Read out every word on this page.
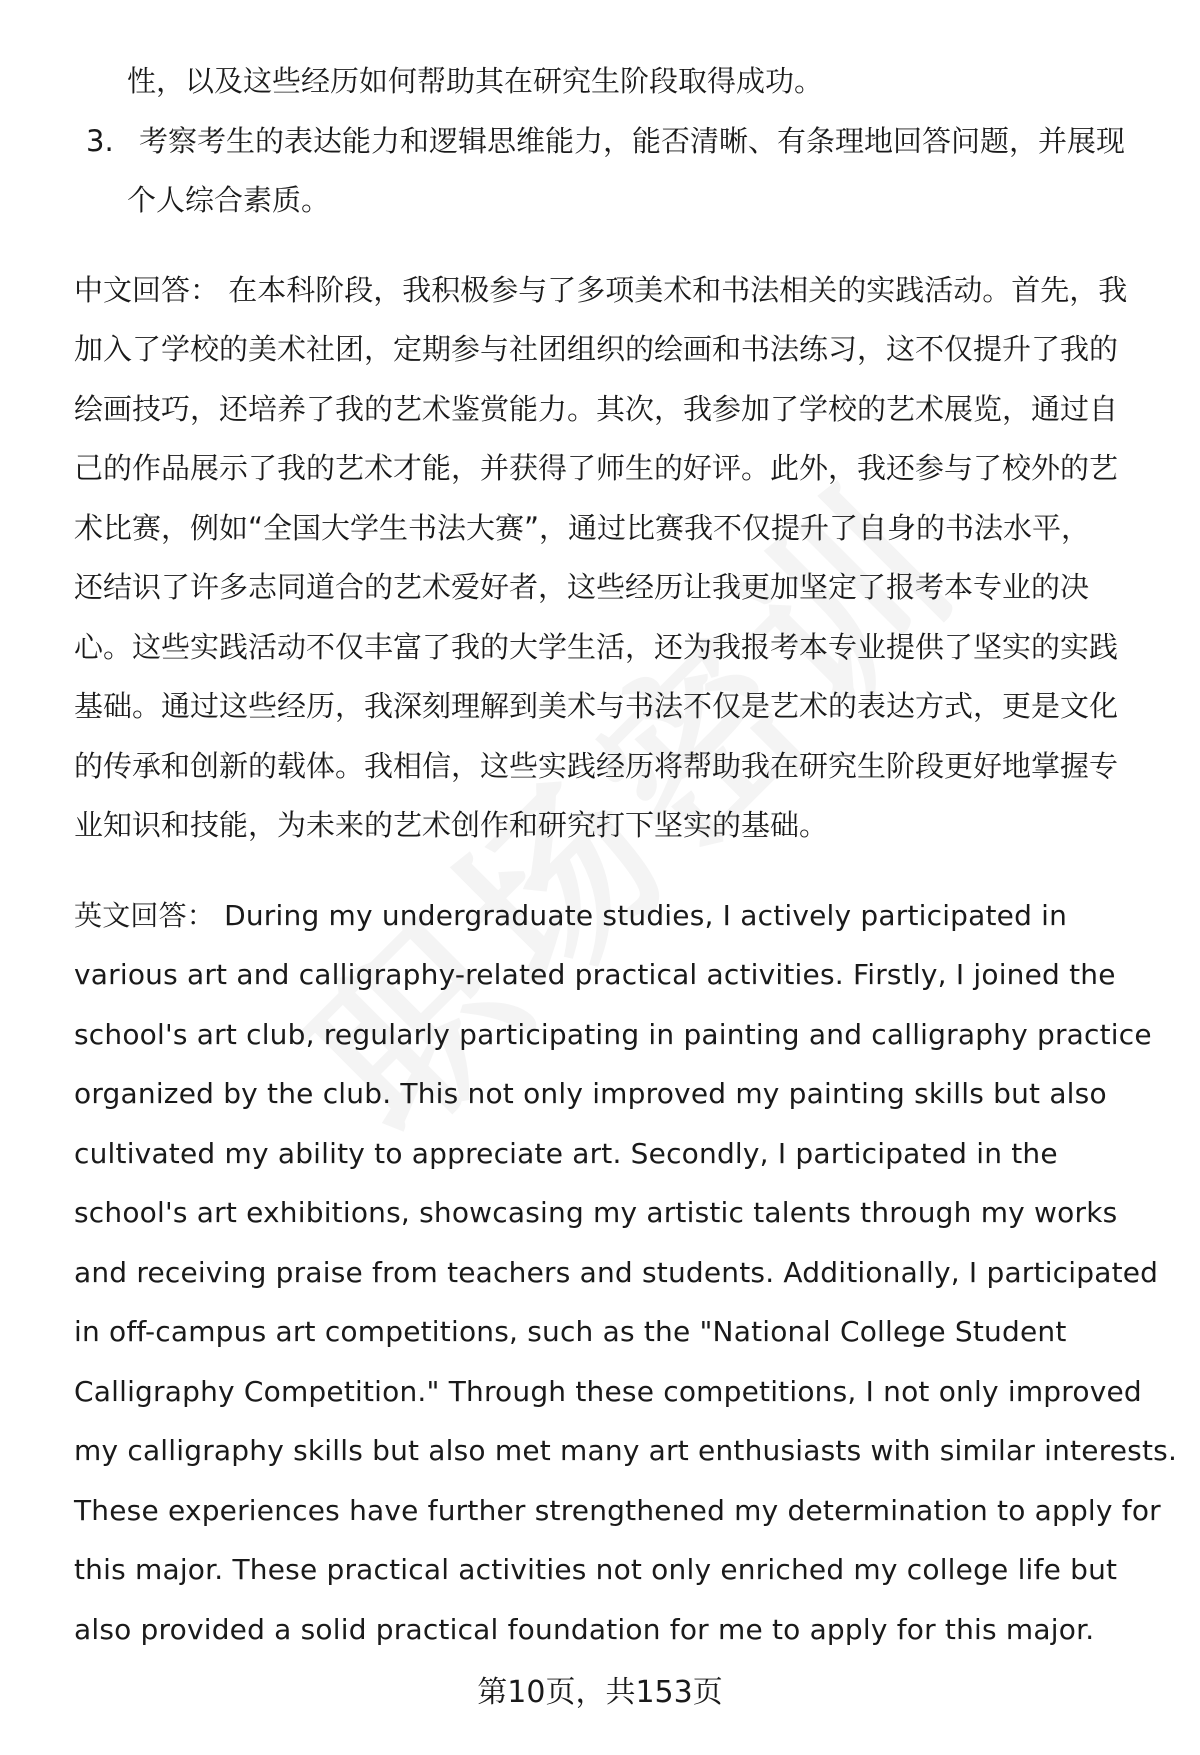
性，以及这些经历如何帮助其在研究生阶段取得成功。
3. 考察考生的表达能力和逻辑思维能力，能否清晰、有条理地回答问题，并展现
个人综合素质。
中文回答： 在本科阶段，我积极参与了多项美术和书法相关的实践活动。首先，我
加入了学校的美术社团，定期参与社团组织的绘画和书法练习，这不仅提升了我的
绘画技巧，还培养了我的艺术鉴赏能力。其次，我参加了学校的艺术展览，通过自
己的作品展示了我的艺术才能，并获得了师生的好评。此外，我还参与了校外的艺
术比赛，例如“全国大学生书法大赛”，通过比赛我不仅提升了自身的书法水平，
还结识了许多志同道合的艺术爱好者，这些经历让我更加坚定了报考本专业的决
心。这些实践活动不仅丰富了我的大学生活，还为我报考本专业提供了坚实的实践
基础。通过这些经历，我深刻理解到美术与书法不仅是艺术的表达方式，更是文化
的传承和创新的载体。我相信，这些实践经历将帮助我在研究生阶段更好地掌握专
业知识和技能，为未来的艺术创作和研究打下坚实的基础。
英文回答： During my undergraduate studies, I actively participated in
various art and calligraphy-related practical activities. Firstly, I joined the
school's art club, regularly participating in painting and calligraphy practice
organized by the club. This not only improved my painting skills but also
cultivated my ability to appreciate art. Secondly, I participated in the
school's art exhibitions, showcasing my artistic talents through my works
and receiving praise from teachers and students. Additionally, I participated
in off-campus art competitions, such as the "National College Student
Calligraphy Competition." Through these competitions, I not only improved
my calligraphy skills but also met many art enthusiasts with similar interests.
These experiences have further strengthened my determination to apply for
this major. These practical activities not only enriched my college life but
also provided a solid practical foundation for me to apply for this major.
第10页，共153页
